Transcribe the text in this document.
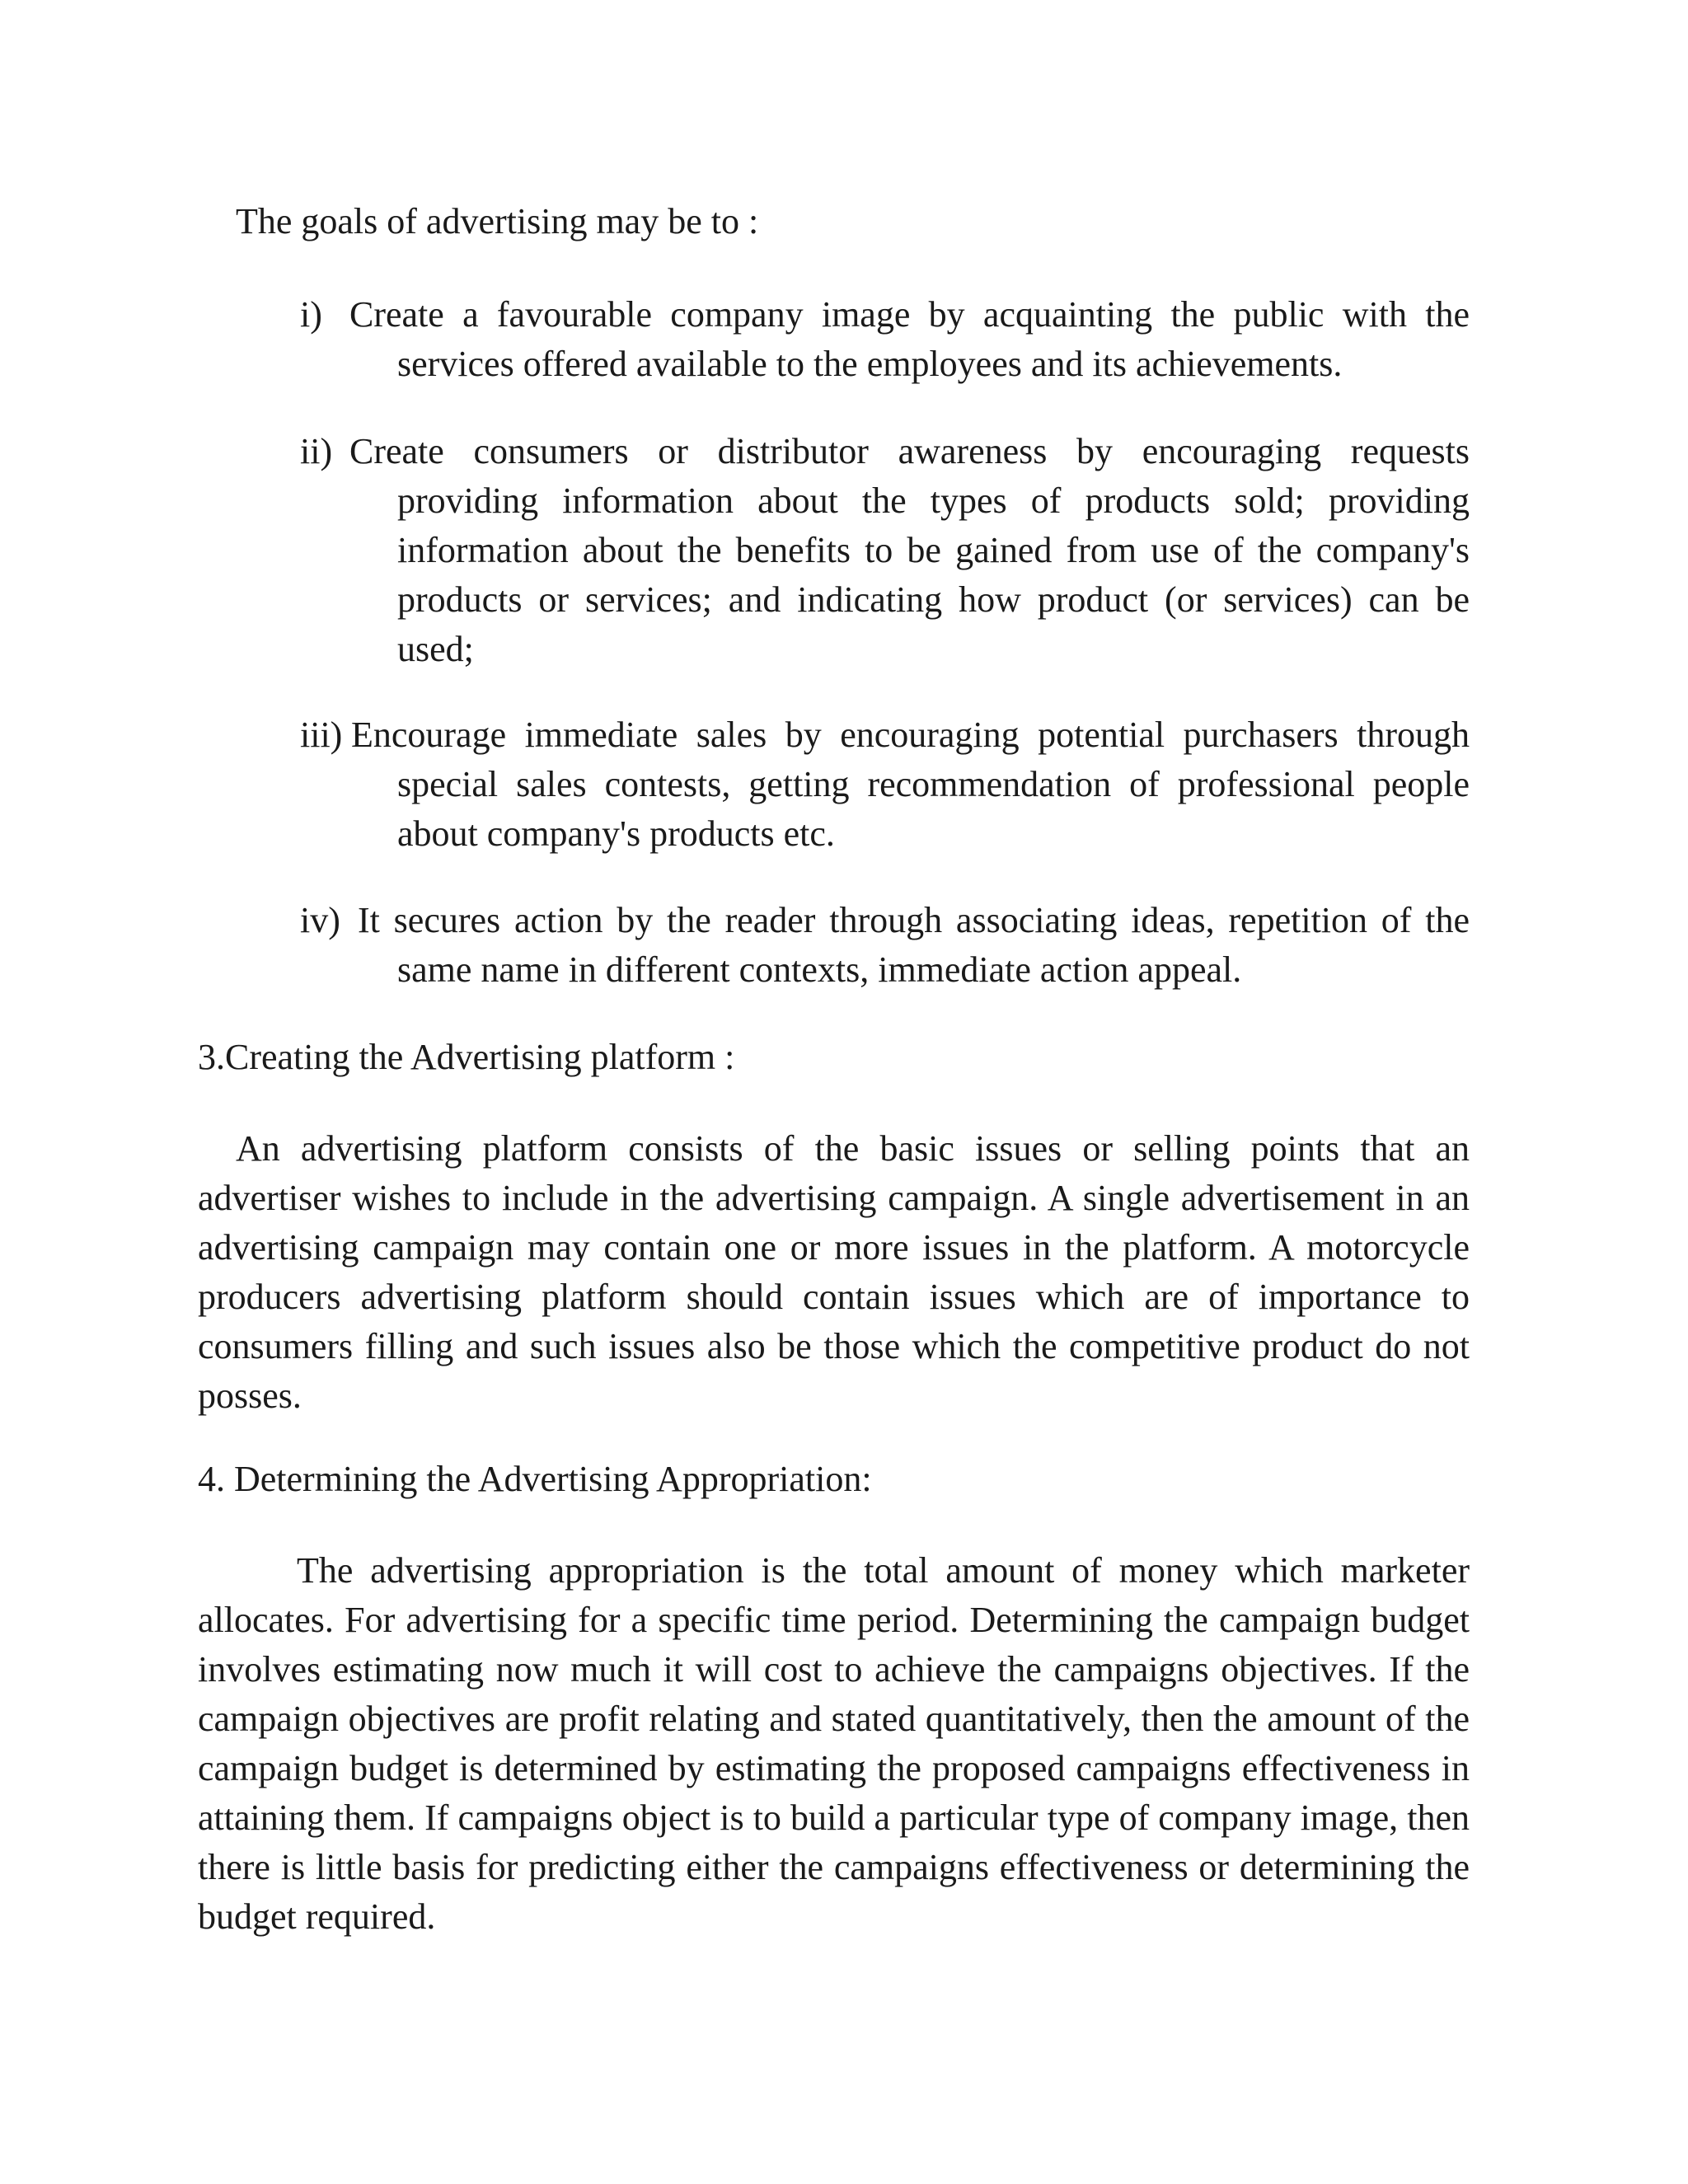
The goals of advertising may be to :

i) Create a favourable company image by acquainting the public with the services offered available to the employees and its achievements.

ii) Create consumers or distributor awareness by encouraging requests providing information about the types of products sold; providing information about the benefits to be gained from use of the company's products or services; and indicating how product (or services) can be used;

iii) Encourage immediate sales by encouraging potential purchasers through special sales contests, getting recommendation of professional people about company's products etc.

iv) It secures action by the reader through associating ideas, repetition of the same name in different contexts, immediate action appeal.

3.Creating the Advertising platform :

An advertising platform consists of the basic issues or selling points that an advertiser wishes to include in the advertising campaign. A single advertisement in an advertising campaign may contain one or more issues in the platform. A motorcycle producers advertising platform should contain issues which are of importance to consumers filling and such issues also be those which the competitive product do not posses.

4. Determining the Advertising Appropriation:

The advertising appropriation is the total amount of money which marketer allocates. For advertising for a specific time period. Determining the campaign budget involves estimating now much it will cost to achieve the campaigns objectives. If the campaign objectives are profit relating and stated quantitatively, then the amount of the campaign budget is determined by estimating the proposed campaigns effectiveness in attaining them. If campaigns object is to build a particular type of company image, then there is little basis for predicting either the campaigns effectiveness or determining the budget required.
